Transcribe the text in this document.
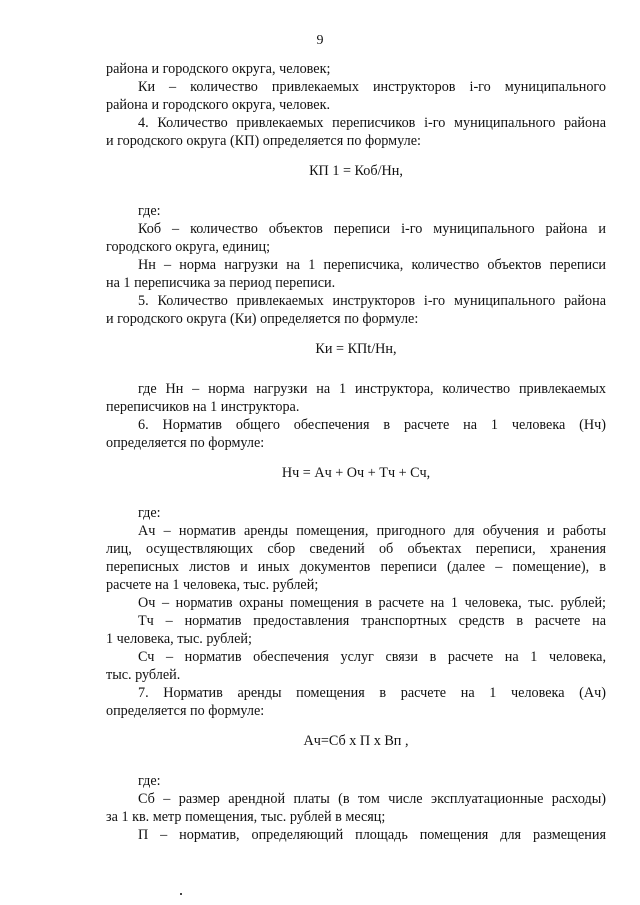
9

района и городского округа, человек;

Ки – количество привлекаемых инструкторов і-го муниципального

района и городского округа, человек.

4. Количество привлекаемых переписчиков і-го муниципального района

и городского округа (КП) определяется по формуле:

КП 1 = Коб/Нн,

где:

Коб – количество объектов переписи і-го муниципального района и

городского округа, единиц;

Нн – норма нагрузки на 1 переписчика, количество объектов переписи

на 1 переписчика за период переписи.

5. Количество привлекаемых инструкторов і-го муниципального района

и городского округа (Ки) определяется по формуле:

Ки = КПt/Нн,

где Нн – норма нагрузки на 1 инструктора, количество привлекаемых

переписчиков на 1 инструктора.

6. Норматив общего обеспечения в расчете на 1 человека (Нч)

определяется по формуле:

Нч = Ач + Оч + Тч + Сч,

где:

Ач – норматив аренды помещения, пригодного для обучения и работы

лиц, осуществляющих сбор сведений об объектах переписи, хранения

переписных листов и иных документов переписи (далее – помещение), в

расчете на 1 человека, тыс. рублей;

Оч – норматив охраны помещения в расчете на 1 человека, тыс. рублей;

Тч – норматив предоставления транспортных средств в расчете на

1 человека, тыс. рублей;

Сч – норматив обеспечения услуг связи в расчете на 1 человека,

тыс. рублей.

7. Норматив аренды помещения в расчете на 1 человека (Ач)

определяется по формуле:

Ач=Сб x П x Вп ,

где:

Сб – размер арендной платы (в том числе эксплуатационные расходы)

за 1 кв. метр помещения, тыс. рублей в месяц;

П – норматив, определяющий площадь помещения для размещения
